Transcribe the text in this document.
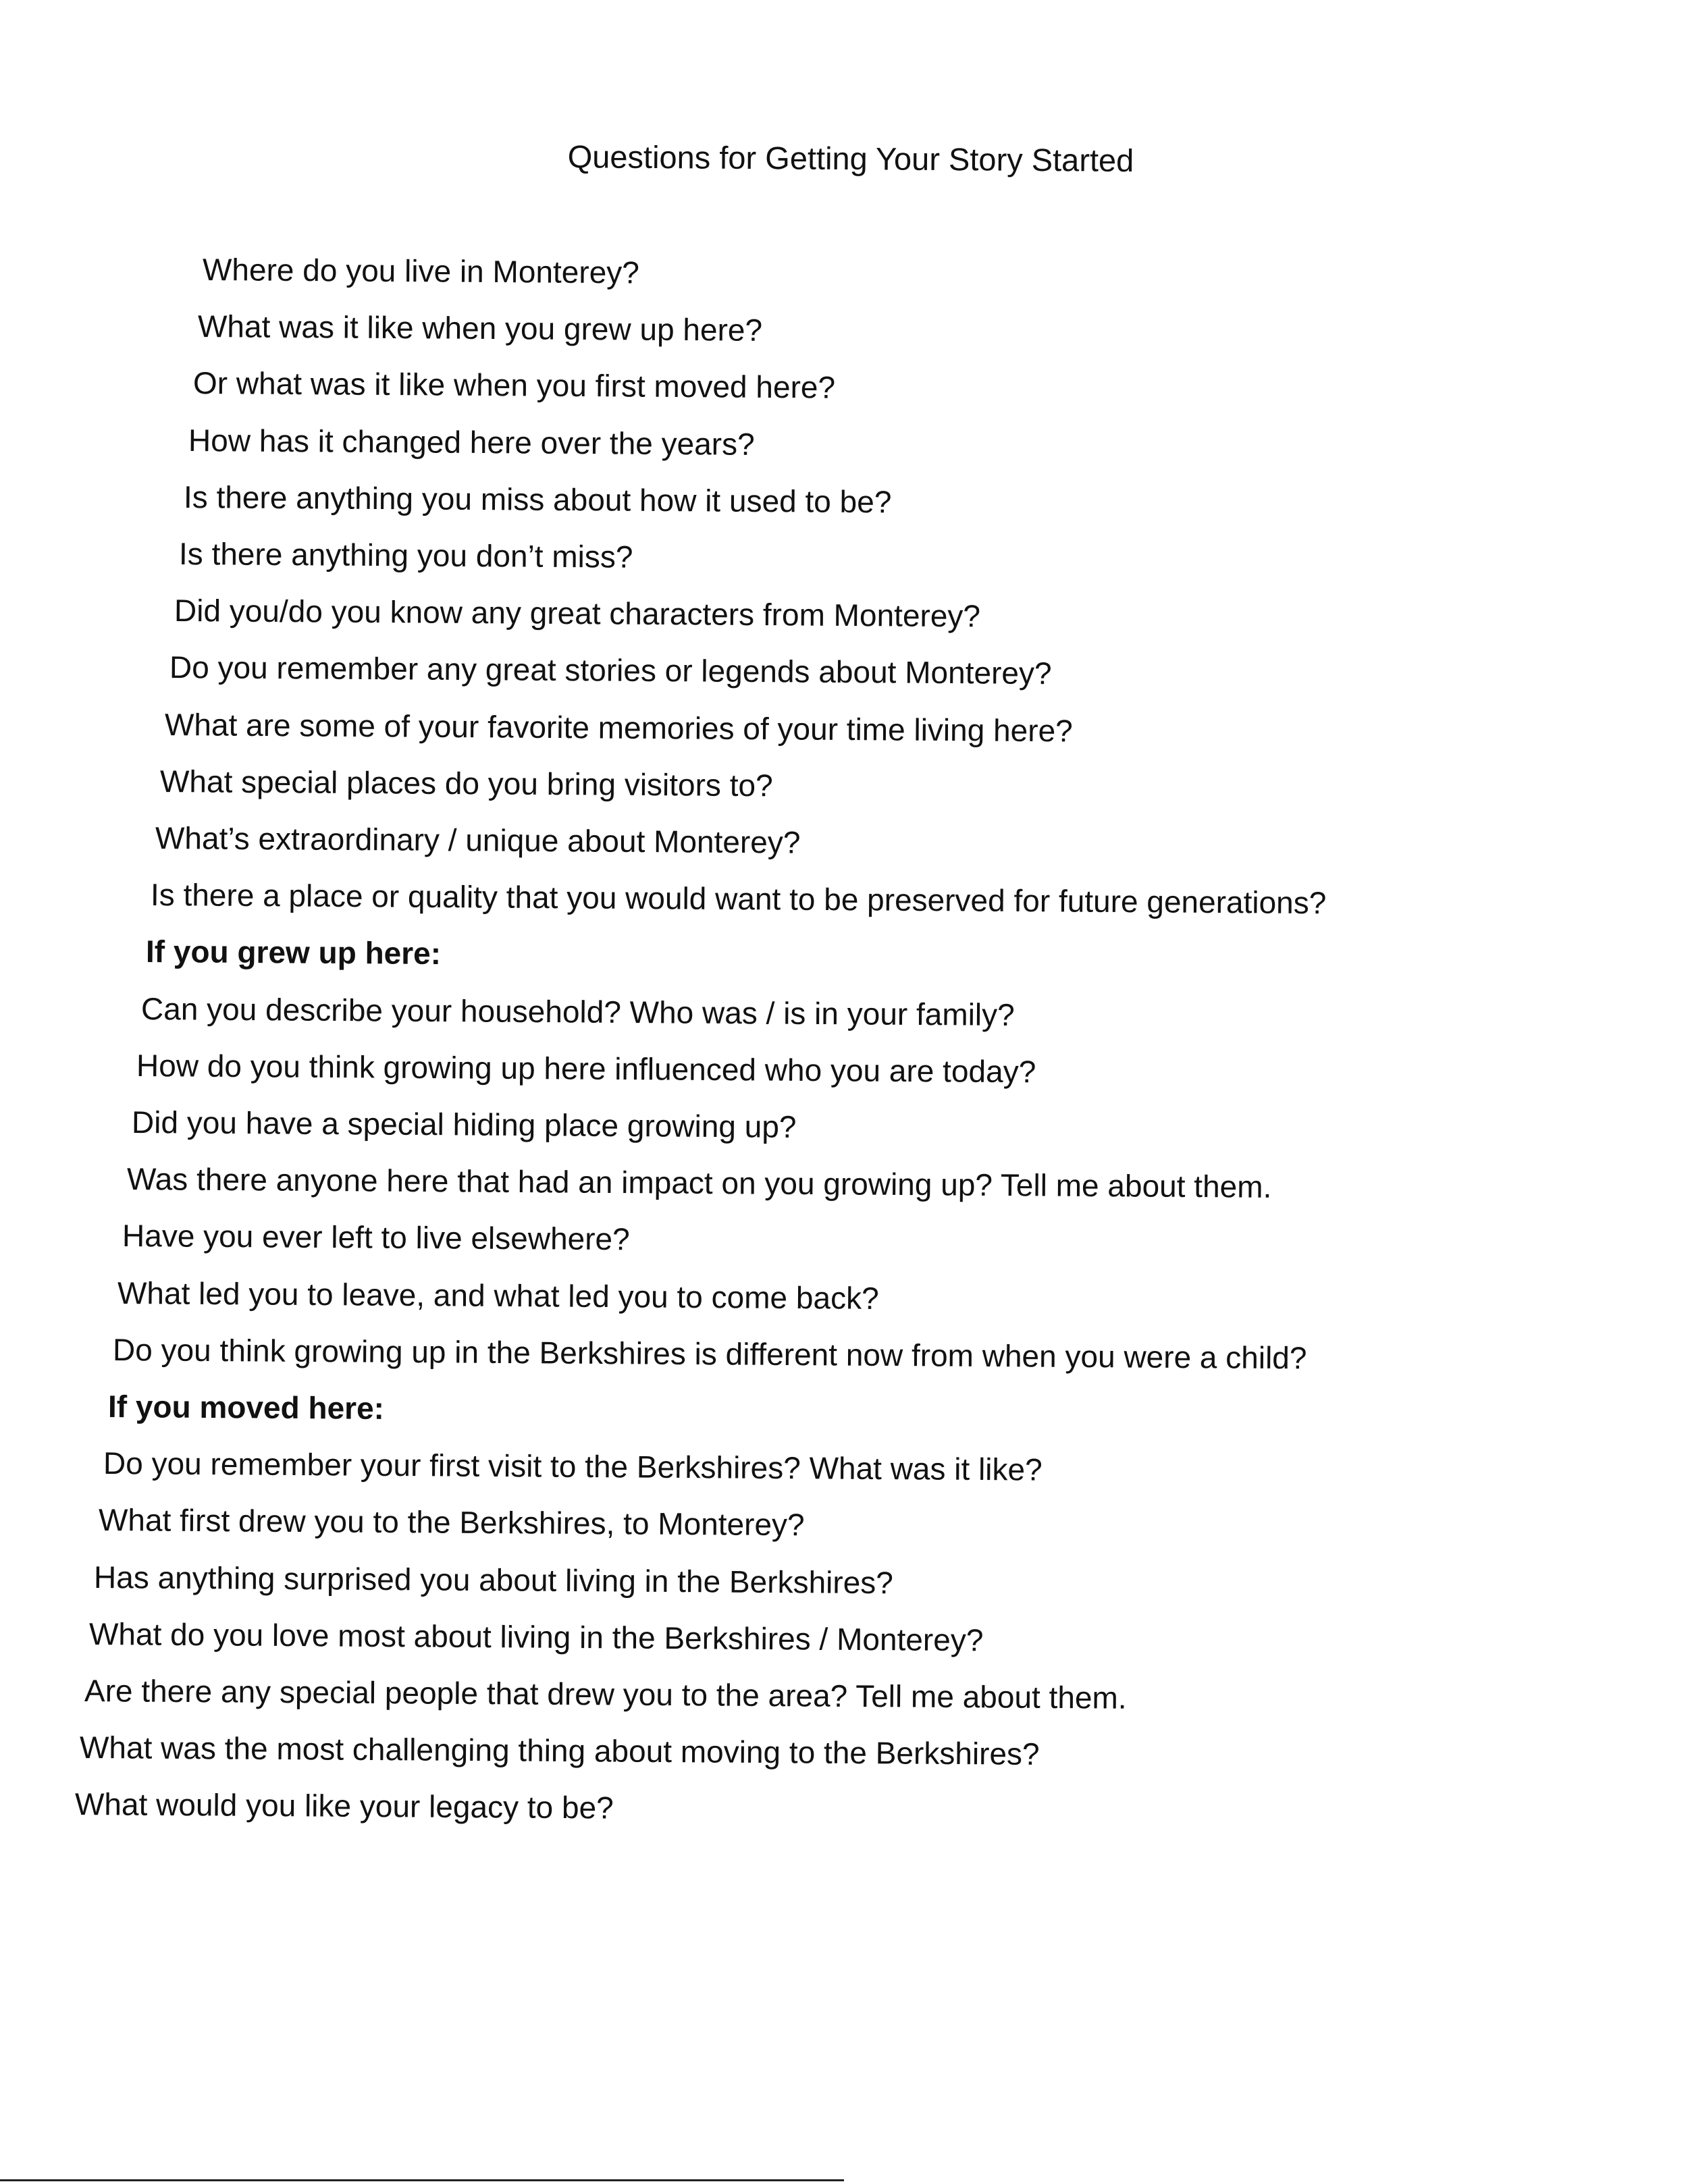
Questions for Getting Your Story Started
Where do you live in Monterey?
What was it like when you grew up here?
Or what was it like when you first moved here?
How has it changed here over the years?
Is there anything you miss about how it used to be?
Is there anything you don’t miss?
Did you/do you know any great characters from Monterey?
Do you remember any great stories or legends about Monterey?
What are some of your favorite memories of your time living here?
What special places do you bring visitors to?
What’s extraordinary / unique about Monterey?
Is there a place or quality that you would want to be preserved for future generations?
If you grew up here:
Can you describe your household? Who was / is in your family?
How do you think growing up here influenced who you are today?
Did you have a special hiding place growing up?
Was there anyone here that had an impact on you growing up? Tell me about them.
Have you ever left to live elsewhere?
What led you to leave, and what led you to come back?
Do you think growing up in the Berkshires is different now from when you were a child?
If you moved here:
Do you remember your first visit to the Berkshires? What was it like?
What first drew you to the Berkshires, to Monterey?
Has anything surprised you about living in the Berkshires?
What do you love most about living in the Berkshires / Monterey?
Are there any special people that drew you to the area? Tell me about them.
What was the most challenging thing about moving to the Berkshires?
What would you like your legacy to be?
